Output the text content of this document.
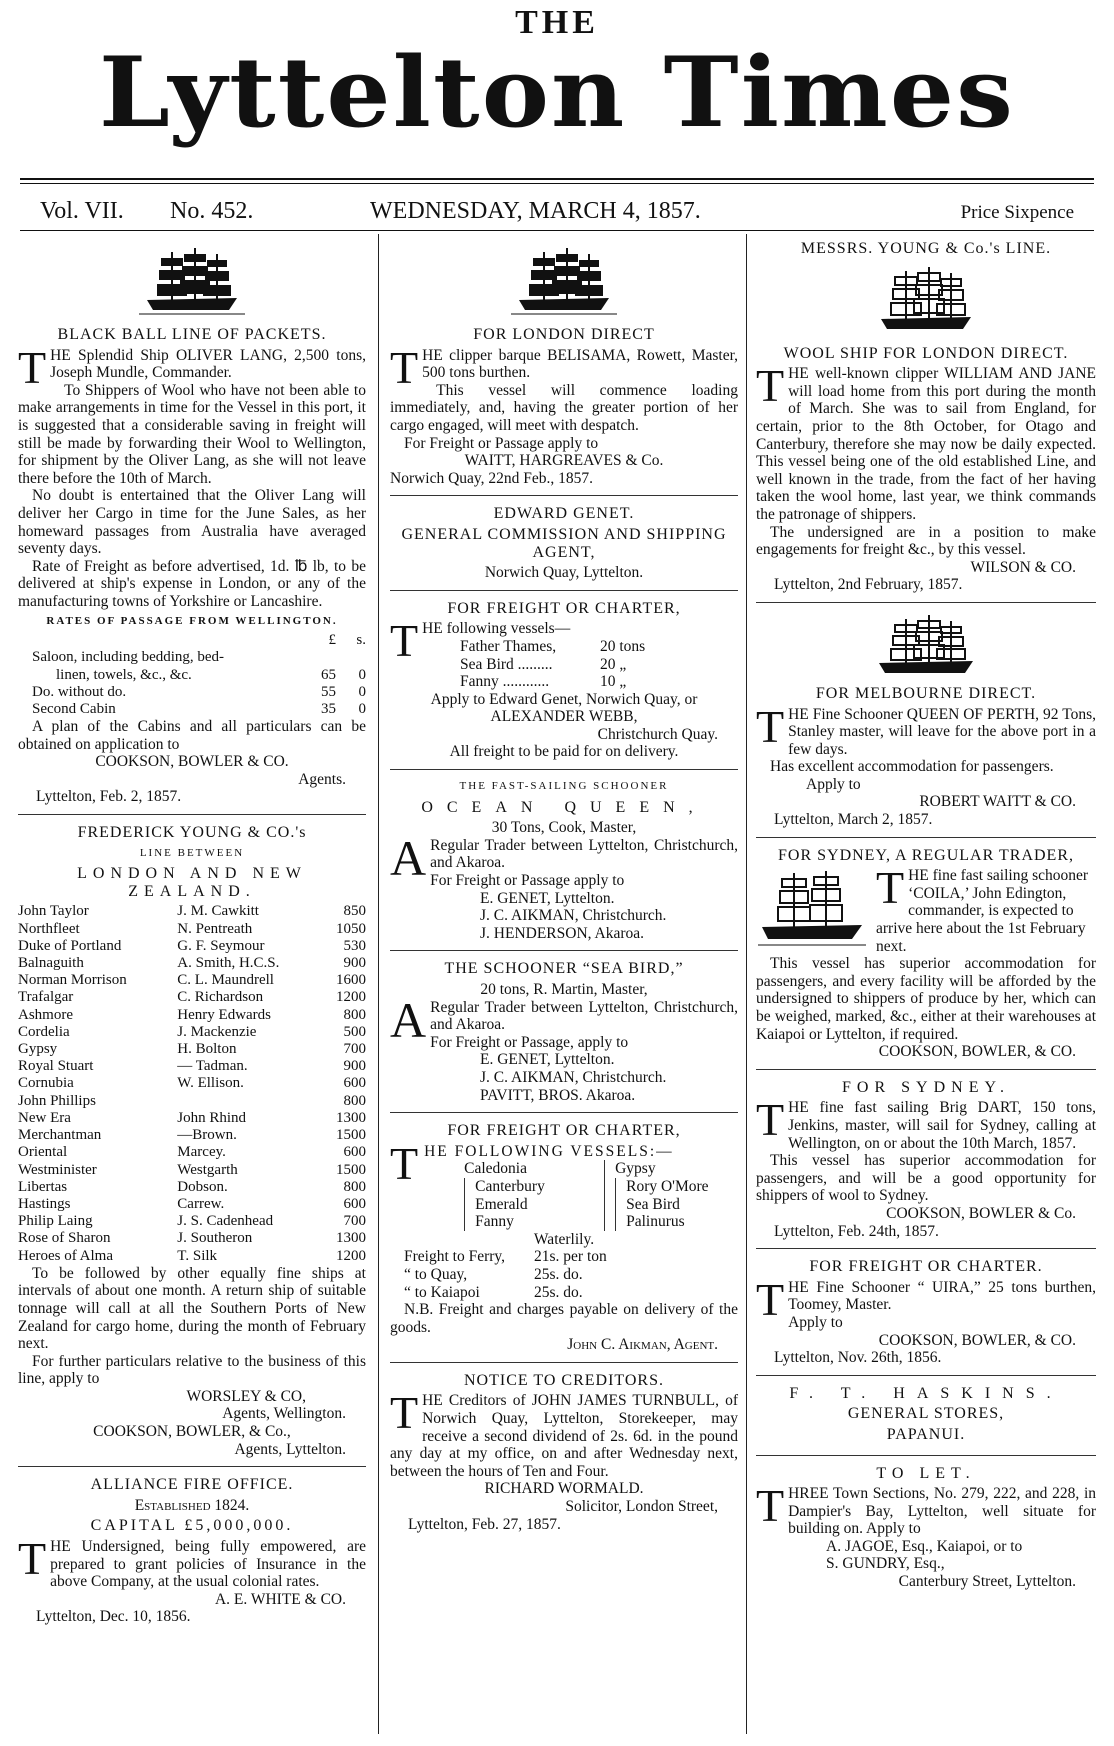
THE
Lyttelton Times
Vol. VII. No. 452.	WEDNESDAY, MARCH 4, 1857.	Price Sixpence
BLACK BALL LINE OF PACKETS.

THE Splendid Ship OLIVER LANG, 2,500 tons, Joseph Mundle, Commander.

To Shippers of Wool who have not been able to make arrangements in time for the Vessel in this port, it is suggested that a considerable saving in freight will still be made by forwarding their Wool to Wellington, for shipment by the Oliver Lang, as she will not leave there before the 10th of March.

No doubt is entertained that the Oliver Lang will deliver her Cargo in time for the June Sales, as her homeward passages from Australia have averaged seventy days.

Rate of Freight as before advertised, 1d. ℔ lb, to be delivered at ship's expense in London, or any of the manufacturing towns of Yorkshire or Lancashire.

RATES OF PASSAGE FROM WELLINGTON.
	£	s.
Saloon, including bedding, bed-		
linen, towels, &c., &c.	65	0
Do. without do.	55	0
Second Cabin	35	0

A plan of the Cabins and all particulars can be obtained on application to

COOKSON, BOWLER & CO.
Agents.
Lyttelton, Feb. 2, 1857.
FREDERICK YOUNG & CO.'s
LINE BETWEEN
LONDON AND NEW ZEALAND.
John Taylor	J. M. Cawkitt	850
Northfleet	N. Pentreath	1050
Duke of Portland	G. F. Seymour	530
Balnaguith	A. Smith, H.C.S.	900
Norman Morrison	C. L. Maundrell	1600
Trafalgar	C. Richardson	1200
Ashmore	Henry Edwards	800
Cordelia	J. Mackenzie	500
Gypsy	H. Bolton	700
Royal Stuart	— Tadman.	900
Cornubia	W. Ellison.	600
John Phillips		800
New Era	John Rhind	1300
Merchantman	—Brown.	1500
Oriental	Marcey.	600
Westminister	Westgarth	1500
Libertas	Dobson.	800
Hastings	Carrew.	600
Philip Laing	J. S. Cadenhead	700
Rose of Sharon	J. Southeron	1300
Heroes of Alma	T. Silk	1200

To be followed by other equally fine ships at intervals of about one month. A return ship of suitable tonnage will call at all the Southern Ports of New Zealand for cargo home, during the month of February next.

For further particulars relative to the business of this line, apply to

WORSLEY & CO,
Agents, Wellington.
COOKSON, BOWLER, & Co.,
Agents, Lyttelton.
ALLIANCE FIRE OFFICE.
Established 1824.
CAPITAL £5,000,000.

THE Undersigned, being fully empowered, are prepared to grant policies of Insurance in the above Company, at the usual colonial rates.

A. E. WHITE & CO.
Lyttelton, Dec. 10, 1856.
FOR LONDON DIRECT

THE clipper barque BELISAMA, Rowett, Master, 500 tons burthen.

This vessel will commence loading immediately, and, having the greater portion of her cargo engaged, will meet with despatch.

For Freight or Passage apply to

WAITT, HARGREAVES & Co.
Norwich Quay, 22nd Feb., 1857.
EDWARD GENET.
GENERAL COMMISSION AND SHIPPING AGENT,
Norwich Quay, Lyttelton.
FOR FREIGHT OR CHARTER,

THE following vessels—

Father Thames,	20 tons
Sea Bird .........	20 „
Fanny ............	10 „
Apply to Edward Genet, Norwich Quay, or
ALEXANDER WEBB,
Christchurch Quay.
All freight to be paid for on delivery.
THE FAST-SAILING SCHOONER
OCEAN QUEEN,
30 Tons, Cook, Master,

A Regular Trader between Lyttelton, Christchurch, and Akaroa.

For Freight or Passage apply to
E. GENET, Lyttelton.
J. C. AIKMAN, Christchurch.
J. HENDERSON, Akaroa.
THE SCHOONER “SEA BIRD,”
20 tons, R. Martin, Master,

A Regular Trader between Lyttelton, Christchurch, and Akaroa.

For Freight or Passage, apply to
E. GENET, Lyttelton.
J. C. AIKMAN, Christchurch.
PAVITT, BROS. Akaroa.
FOR FREIGHT OR CHARTER,

THE FOLLOWING VESSELS:—

Caledonia
Canterbury
Emerald
Fanny
Gypsy
Rory O'More
Sea Bird
Palinurus
Waterlily.
Freight to Ferry,	21s. per ton
“ to Quay,	25s. do.
“ to Kaiapoi	25s. do.

N.B. Freight and charges payable on delivery of the goods.

John C. Aikman, Agent.
NOTICE TO CREDITORS.

THE Creditors of JOHN JAMES TURNBULL, of Norwich Quay, Lyttelton, Storekeeper, may receive a second dividend of 2s. 6d. in the pound any day at my office, on and after Wednesday next, between the hours of Ten and Four.

RICHARD WORMALD.
Solicitor, London Street,
Lyttelton, Feb. 27, 1857.
MESSRS. YOUNG & Co.'s LINE.
WOOL SHIP FOR LONDON DIRECT.

THE well-known clipper WILLIAM AND JANE will load home from this port during the month of March. She was to sail from England, for certain, prior to the 8th October, for Otago and Canterbury, therefore she may now be daily expected. This vessel being one of the old established Line, and well known in the trade, from the fact of her having taken the wool home, last year, we think commands the patronage of shippers.

The undersigned are in a position to make engagements for freight &c., by this vessel.

WILSON & CO.
Lyttelton, 2nd February, 1857.
FOR MELBOURNE DIRECT.

THE Fine Schooner QUEEN OF PERTH, 92 Tons, Stanley master, will leave for the above port in a few days.

Has excellent accommodation for passengers.

Apply to
ROBERT WAITT & CO.
Lyttelton, March 2, 1857.
FOR SYDNEY, A REGULAR TRADER,

THE fine fast sailing schooner ‘COILA,’ John Edington, commander, is expected to arrive here about the 1st February next.

This vessel has superior accommodation for passengers, and every facility will be afforded by the undersigned to shippers of produce by her, which can be weighed, marked, &c., either at their warehouses at Kaiapoi or Lyttelton, if required.

COOKSON, BOWLER, & CO.
FOR SYDNEY.

THE fine fast sailing Brig DART, 150 tons, Jenkins, master, will sail for Sydney, calling at Wellington, on or about the 10th March, 1857.

This vessel has superior accommodation for passengers, and will be a good opportunity for shippers of wool to Sydney.

COOKSON, BOWLER & Co.
Lyttelton, Feb. 24th, 1857.
FOR FREIGHT OR CHARTER.

THE Fine Schooner “ UIRA,” 25 tons burthen, Toomey, Master.

Apply to
COOKSON, BOWLER, & CO.
Lyttelton, Nov. 26th, 1856.
F. T. HASKINS.
GENERAL STORES,
PAPANUI.
TO LET.

THREE Town Sections, No. 279, 222, and 228, in Dampier's Bay, Lyttelton, well situate for building on. Apply to

A. JAGOE, Esq., Kaiapoi, or to
S. GUNDRY, Esq.,
Canterbury Street, Lyttelton.
